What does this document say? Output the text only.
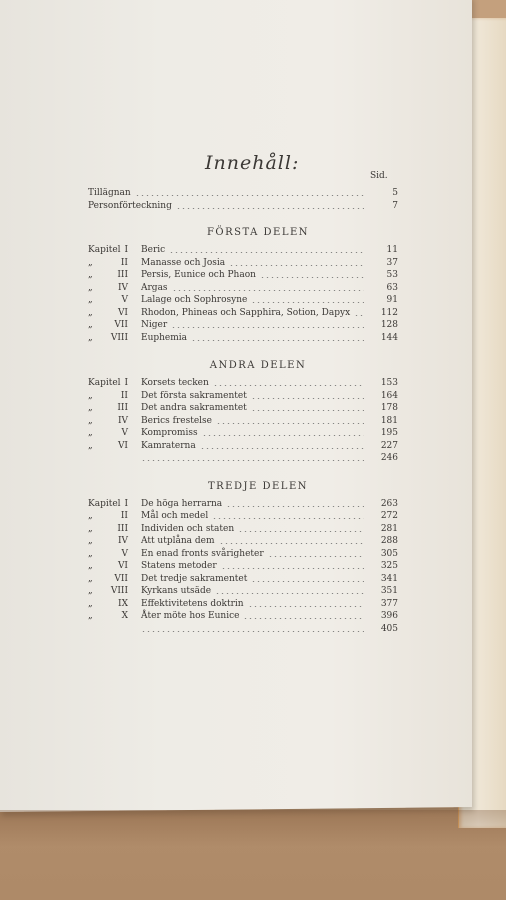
Innehåll:
Sid.
Tillägnan	5
Personförteckning	7
FÖRSTA DELEN
Kapitel I Beric	11
„	II Manasse och Josia	37
„	III Persis, Eunice och Phaon	53
„	IV Argas	63
„	V Lalage och Sophrosyne	91
„	VI Rhodon, Phineas och Sapphira, Sotion, Dapyx	112
„	VII Niger	128
„	VIII Euphemia	144
ANDRA DELEN
Kapitel I Korsets tecken	153
„	II Det första sakramentet	164
„	III Det andra sakramentet	178
„	IV Berics frestelse	181
„	V Kompromiss	195
„	VI Kamraterna	227
246
TREDJE DELEN
Kapitel I De höga herrarna	263
„	II Mål och medel	272
„	III Individen och staten	281
„	IV Att utplåna dem	288
„	V En enad fronts svårigheter	305
„	VI Statens metoder	325
„	VII Det tredje sakramentet	341
„	VIII Kyrkans utsäde	351
„	IX Effektivitetens doktrin	377
„	X Åter möte hos Eunice	396
405
